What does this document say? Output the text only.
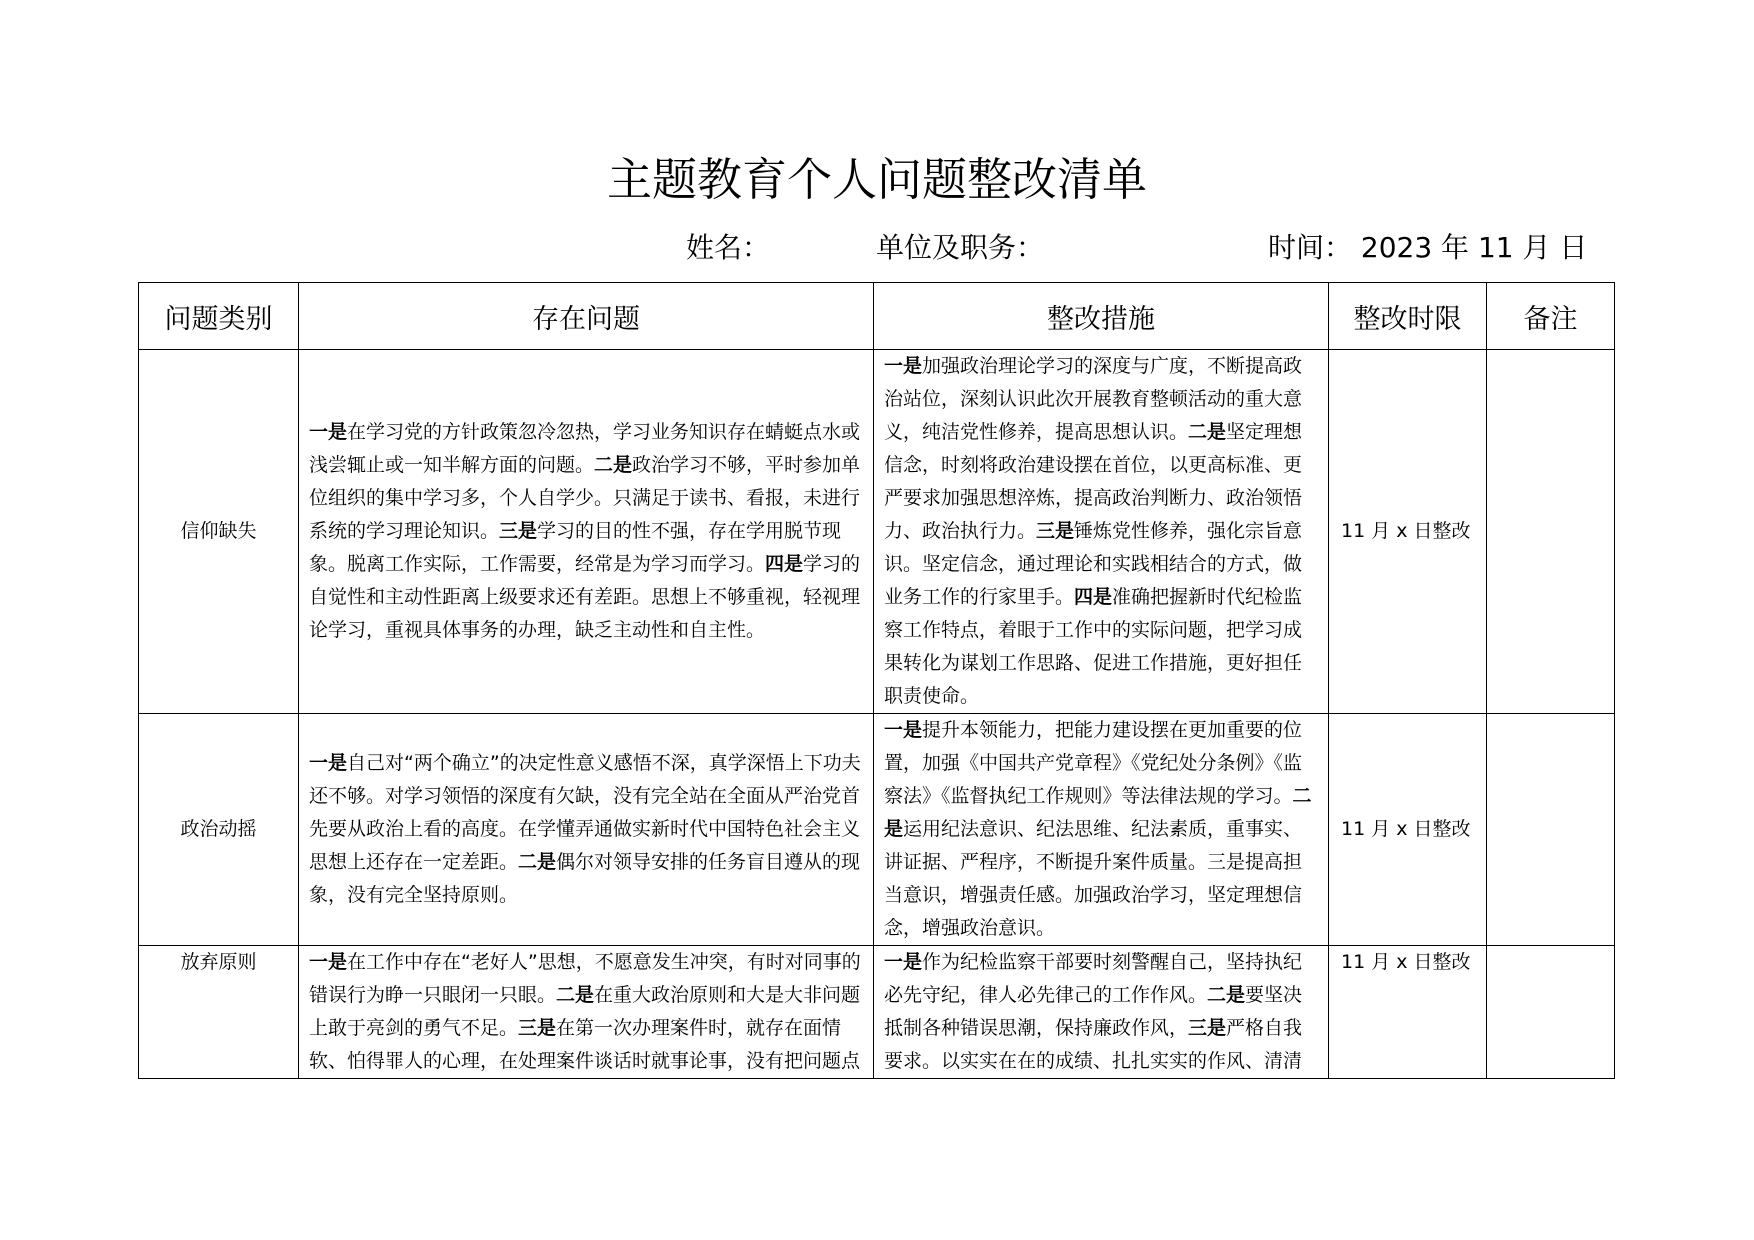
主题教育个人问题整改清单
姓名：	单位及职务：	时间： 2023 年 11 月 日
问题类别	存在问题	整改措施	整改时限	备注
信仰缺失	一是在学习党的方针政策忽冷忽热，学习业务知识存在蜻蜓点水或浅尝辄止或一知半解方面的问题。二是政治学习不够，平时参加单位组织的集中学习多，个人自学少。只满足于读书、看报，未进行系统的学习理论知识。三是学习的目的性不强，存在学用脱节现象。脱离工作实际，工作需要，经常是为学习而学习。四是学习的自觉性和主动性距离上级要求还有差距。思想上不够重视，轻视理论学习，重视具体事务的办理，缺乏主动性和自主性。	一是加强政治理论学习的深度与广度，不断提高政治站位，深刻认识此次开展教育整顿活动的重大意义，纯洁党性修养，提高思想认识。二是坚定理想信念，时刻将政治建设摆在首位，以更高标准、更严要求加强思想淬炼，提高政治判断力、政治领悟力、政治执行力。三是锤炼党性修养，强化宗旨意识。坚定信念，通过理论和实践相结合的方式，做业务工作的行家里手。四是准确把握新时代纪检监察工作特点，着眼于工作中的实际问题，把学习成果转化为谋划工作思路、促进工作措施，更好担任职责使命。	11 月 x 日整改	
政治动摇	一是自己对“两个确立”的决定性意义感悟不深，真学深悟上下功夫还不够。对学习领悟的深度有欠缺，没有完全站在全面从严治党首先要从政治上看的高度。在学懂弄通做实新时代中国特色社会主义思想上还存在一定差距。二是偶尔对领导安排的任务盲目遵从的现象，没有完全坚持原则。	一是提升本领能力，把能力建设摆在更加重要的位置，加强《中国共产党章程》《党纪处分条例》《监察法》《监督执纪工作规则》等法律法规的学习。二是运用纪法意识、纪法思维、纪法素质，重事实、讲证据、严程序，不断提升案件质量。三是提高担当意识，增强责任感。加强政治学习，坚定理想信念，增强政治意识。	11 月 x 日整改	

放弃原则	一是在工作中存在“老好人”思想，不愿意发生冲突，有时对同事的错误行为睁一只眼闭一只眼。二是在重大政治原则和大是大非问题上敢于亮剑的勇气不足。三是在第一次办理案件时，就存在面情软、怕得罪人的心理，在处理案件谈话时就事论事，没有把问题点	一是作为纪检监察干部要时刻警醒自己，坚持执纪必先守纪，律人必先律己的工作作风。二是要坚决抵制各种错误思潮，保持廉政作风，三是严格自我要求。以实实在在的成绩、扎扎实实的作风、清清	11 月 x 日整改	
